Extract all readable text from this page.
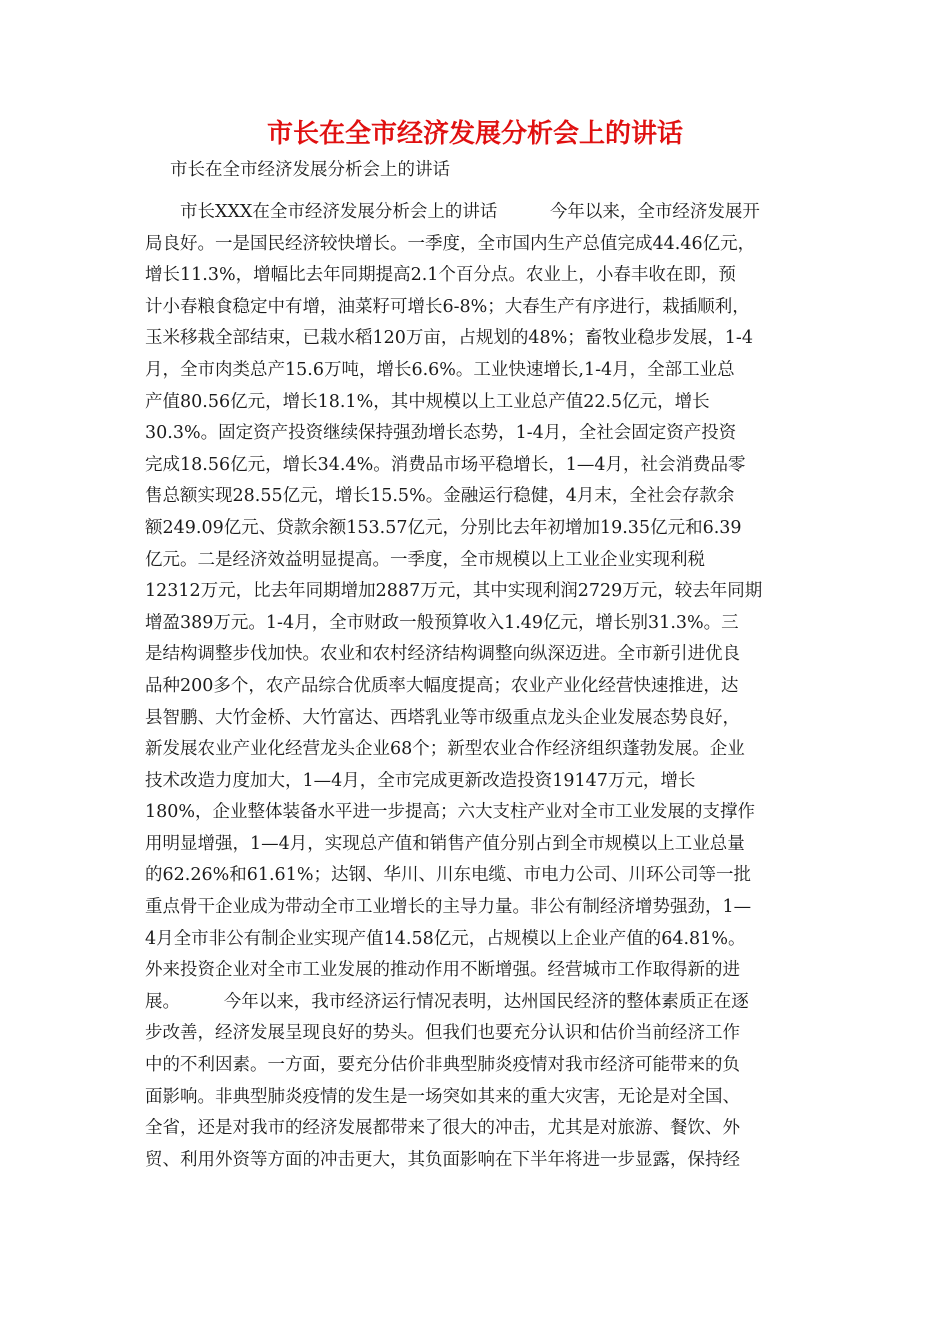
市长在全市经济发展分析会上的讲话

市长在全市经济发展分析会上的讲话

　　市长XXX在全市经济发展分析会上的讲话　　　今年以来，全市经济发展开
局良好。一是国民经济较快增长。一季度，全市国内生产总值完成44.46亿元，
增长11.3%，增幅比去年同期提高2.1个百分点。农业上，小春丰收在即，预
计小春粮食稳定中有增，油菜籽可增长6-8%；大春生产有序进行，栽插顺利，
玉米移栽全部结束，已栽水稻120万亩，占规划的48%；畜牧业稳步发展，1-4
月，全市肉类总产15.6万吨，增长6.6%。工业快速增长,1-4月，全部工业总
产值80.56亿元，增长18.1%，其中规模以上工业总产值22.5亿元，增长
30.3%。固定资产投资继续保持强劲增长态势，1-4月，全社会固定资产投资
完成18.56亿元，增长34.4%。消费品市场平稳增长，1—4月，社会消费品零
售总额实现28.55亿元，增长15.5%。金融运行稳健，4月末，全社会存款余
额249.09亿元、贷款余额153.57亿元，分别比去年初增加19.35亿元和6.39
亿元。二是经济效益明显提高。一季度，全市规模以上工业企业实现利税
12312万元，比去年同期增加2887万元，其中实现利润2729万元，较去年同期
增盈389万元。1-4月，全市财政一般预算收入1.49亿元，增长别31.3%。三
是结构调整步伐加快。农业和农村经济结构调整向纵深迈进。全市新引进优良
品种200多个，农产品综合优质率大幅度提高；农业产业化经营快速推进，达
县智鹏、大竹金桥、大竹富达、西塔乳业等市级重点龙头企业发展态势良好，
新发展农业产业化经营龙头企业68个；新型农业合作经济组织蓬勃发展。企业
技术改造力度加大，1—4月，全市完成更新改造投资19147万元，增长
180%，企业整体装备水平进一步提高；六大支柱产业对全市工业发展的支撑作
用明显增强，1—4月，实现总产值和销售产值分别占到全市规模以上工业总量
的62.26%和61.61%；达钢、华川、川东电缆、市电力公司、川环公司等一批
重点骨干企业成为带动全市工业增长的主导力量。非公有制经济增势强劲，1—
4月全市非公有制企业实现产值14.58亿元，占规模以上企业产值的64.81%。
外来投资企业对全市工业发展的推动作用不断增强。经营城市工作取得新的进
展。　　　今年以来，我市经济运行情况表明，达州国民经济的整体素质正在逐
步改善，经济发展呈现良好的势头。但我们也要充分认识和估价当前经济工作
中的不利因素。一方面，要充分估价非典型肺炎疫情对我市经济可能带来的负
面影响。非典型肺炎疫情的发生是一场突如其来的重大灾害，无论是对全国、
全省，还是对我市的经济发展都带来了很大的冲击，尤其是对旅游、餐饮、外
贸、利用外资等方面的冲击更大，其负面影响在下半年将进一步显露，保持经
